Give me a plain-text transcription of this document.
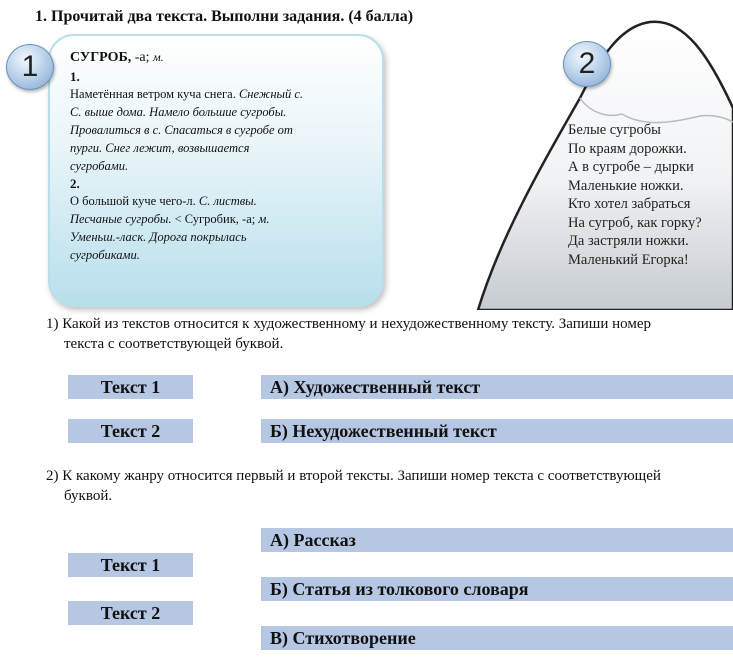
1. Прочитай два текста. Выполни задания. (4 балла)
СУГРОБ, -а; м.
1.
Наметённая ветром куча снега. Снежный с.
С. выше дома. Намело большие сугробы.
Провалиться в с. Спасаться в сугробе от
пурги. Снег лежит, возвышается
сугробами.
2.
О большой куче чего-л. С. листвы.
Песчаные сугробы. < Сугробик, -а; м.
Уменьш.-ласк. Дорога покрылась
сугробиками.
1	2
Белые сугробы
По краям дорожки.
А в сугробе – дырки
Маленькие ножки.
Кто хотел забраться
На сугроб, как горку?
Да застряли ножки.
Маленький Егорка!
1) Какой из текстов относится к художественному и нехудожественному тексту. Запиши номер
текста с соответствующей буквой.
Текст 1	А) Художественный текст
Текст 2	Б) Нехудожественный текст
2) К какому жанру относится первый и второй тексты. Запиши номер текста с соответствующей
буквой.
А) Рассказ
Текст 1
Б) Статья из толкового словаря
Текст 2
В) Стихотворение
